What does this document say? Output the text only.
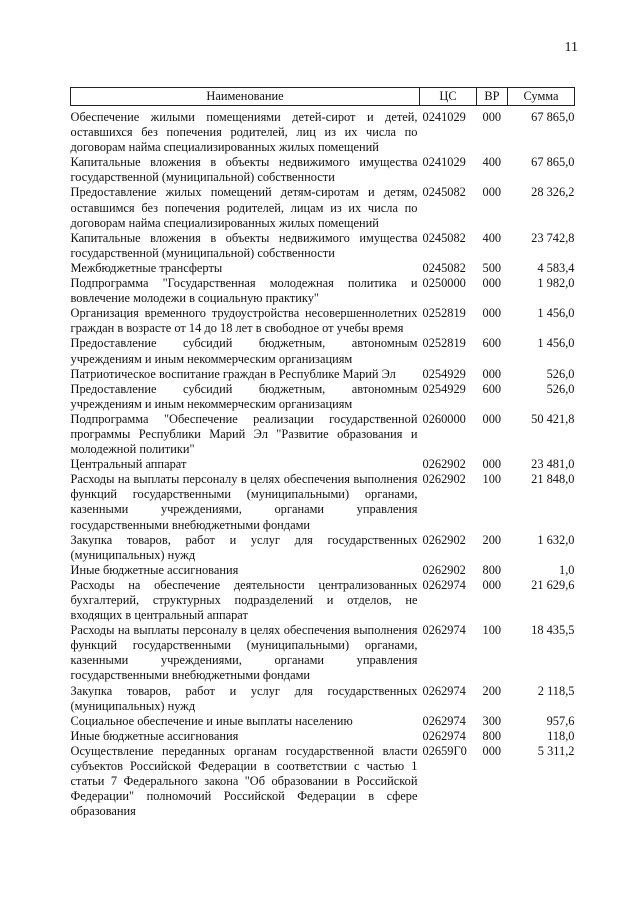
11
Наименование	ЦС	ВР	Сумма
Обеспечение жилыми помещениями детей-сирот и детей, оставшихся без попечения родителей, лиц из их числа по договорам найма специализированных жилых помещений	0241029	000	67 865,0
Капитальные вложения в объекты недвижимого имущества государственной (муниципальной) собственности	0241029	400	67 865,0
Предоставление жилых помещений детям-сиротам и детям, оставшимся без попечения родителей, лицам из их числа по договорам найма специализированных жилых помещений	0245082	000	28 326,2
Капитальные вложения в объекты недвижимого имущества государственной (муниципальной) собственности	0245082	400	23 742,8
Межбюджетные трансферты	0245082	500	4 583,4
Подпрограмма "Государственная молодежная политика и вовлечение молодежи в социальную практику"	0250000	000	1 982,0
Организация временного трудоустройства несовершеннолетних граждан в возрасте от 14 до 18 лет в свободное от учебы время	0252819	000	1 456,0
Предоставление субсидий бюджетным, автономным учреждениям и иным некоммерческим организациям	0252819	600	1 456,0
Патриотическое воспитание граждан в Республике Марий Эл	0254929	000	526,0
Предоставление субсидий бюджетным, автономным учреждениям и иным некоммерческим организациям	0254929	600	526,0
Подпрограмма "Обеспечение реализации государственной программы Республики Марий Эл "Развитие образования и молодежной политики"	0260000	000	50 421,8
Центральный аппарат	0262902	000	23 481,0
Расходы на выплаты персоналу в целях обеспечения выполнения функций государственными (муниципальными) органами, казенными учреждениями, органами управления государственными внебюджетными фондами	0262902	100	21 848,0
Закупка товаров, работ и услуг для государственных (муниципальных) нужд	0262902	200	1 632,0
Иные бюджетные ассигнования	0262902	800	1,0
Расходы на обеспечение деятельности централизованных бухгалтерий, структурных подразделений и отделов, не входящих в центральный аппарат	0262974	000	21 629,6
Расходы на выплаты персоналу в целях обеспечения выполнения функций государственными (муниципальными) органами, казенными учреждениями, органами управления государственными внебюджетными фондами	0262974	100	18 435,5
Закупка товаров, работ и услуг для государственных (муниципальных) нужд	0262974	200	2 118,5
Социальное обеспечение и иные выплаты населению	0262974	300	957,6
Иные бюджетные ассигнования	0262974	800	118,0
Осуществление переданных органам государственной власти субъектов Российской Федерации в соответствии с частью 1 статьи 7 Федерального закона "Об образовании в Российской Федерации" полномочий Российской Федерации в сфере образования	02659Г0	000	5 311,2
